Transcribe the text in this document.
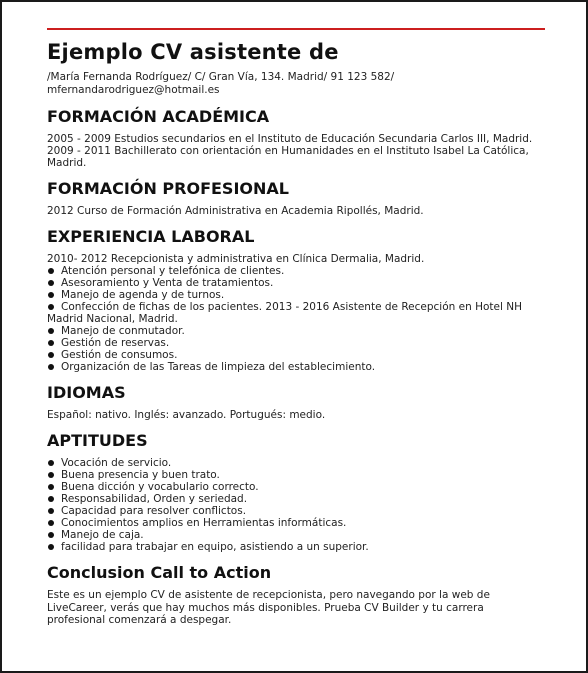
Ejemplo CV asistente de
/María Fernanda Rodríguez/ C/ Gran Vía, 134. Madrid/ 91 123 582/
mfernandarodriguez@hotmail.es
FORMACIÓN ACADÉMICA
2005 - 2009 Estudios secundarios en el Instituto de Educación Secundaria Carlos III, Madrid.
2009 - 2011 Bachillerato con orientación en Humanidades en el Instituto Isabel La Católica,
Madrid.
FORMACIÓN PROFESIONAL
2012 Curso de Formación Administrativa en Academia Ripollés, Madrid.
EXPERIENCIA LABORAL
2010- 2012 Recepcionista y administrativa en Clínica Dermalia, Madrid.
Atención personal y telefónica de clientes.
Asesoramiento y Venta de tratamientos.
Manejo de agenda y de turnos.
Confección de fichas de los pacientes. 2013 - 2016 Asistente de Recepción en Hotel NH
Madrid Nacional, Madrid.
Manejo de conmutador.
Gestión de reservas.
Gestión de consumos.
Organización de las Tareas de limpieza del establecimiento.
IDIOMAS
Español: nativo. Inglés: avanzado. Portugués: medio.
APTITUDES
Vocación de servicio.
Buena presencia y buen trato.
Buena dicción y vocabulario correcto.
Responsabilidad, Orden y seriedad.
Capacidad para resolver conflictos.
Conocimientos amplios en Herramientas informáticas.
Manejo de caja.
facilidad para trabajar en equipo, asistiendo a un superior.
Conclusion Call to Action
Este es un ejemplo CV de asistente de recepcionista, pero navegando por la web de
LiveCareer, verás que hay muchos más disponibles. Prueba CV Builder y tu carrera
profesional comenzará a despegar.
